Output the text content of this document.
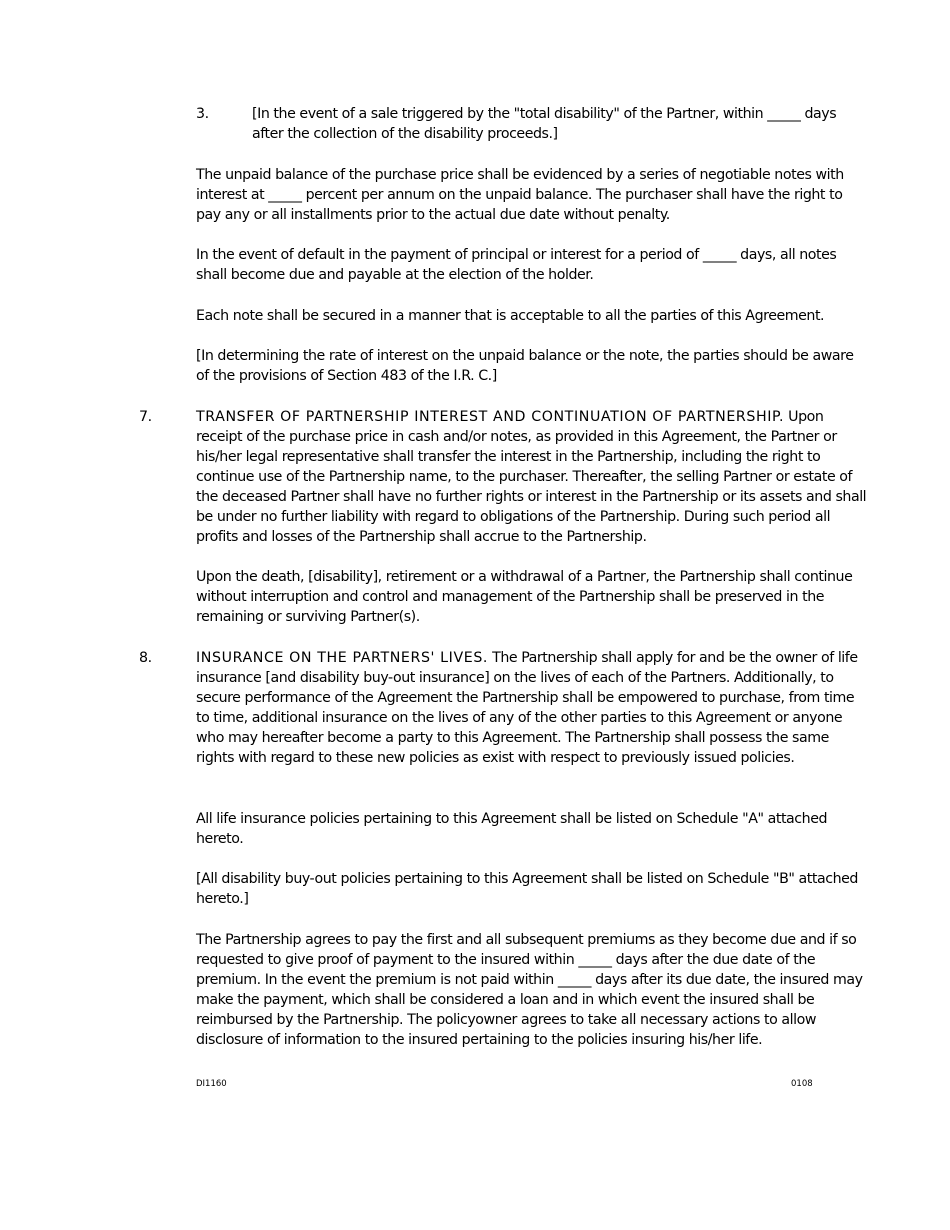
3.	[In the event of a sale triggered by the "total disability" of the Partner, within _____ days after the collection of the disability proceeds.]

The unpaid balance of the purchase price shall be evidenced by a series of negotiable notes with interest at _____ percent per annum on the unpaid balance. The purchaser shall have the right to pay any or all installments prior to the actual due date without penalty.

In the event of default in the payment of principal or interest for a period of _____ days, all notes shall become due and payable at the election of the holder.

Each note shall be secured in a manner that is acceptable to all the parties of this Agreement.

[In determining the rate of interest on the unpaid balance or the note, the parties should be aware of the provisions of Section 483 of the I.R. C.]

7.	TRANSFER OF PARTNERSHIP INTEREST AND CONTINUATION OF PARTNERSHIP. Upon receipt of the purchase price in cash and/or notes, as provided in this Agreement, the Partner or his/her legal representative shall transfer the interest in the Partnership, including the right to continue use of the Partnership name, to the purchaser. Thereafter, the selling Partner or estate of the deceased Partner shall have no further rights or interest in the Partnership or its assets and shall be under no further liability with regard to obligations of the Partnership. During such period all profits and losses of the Partnership shall accrue to the Partnership.

Upon the death, [disability], retirement or a withdrawal of a Partner, the Partnership shall continue without interruption and control and management of the Partnership shall be preserved in the remaining or surviving Partner(s).

8.	INSURANCE ON THE PARTNERS' LIVES. The Partnership shall apply for and be the owner of life insurance [and disability buy-out insurance] on the lives of each of the Partners. Additionally, to secure performance of the Agreement the Partnership shall be empowered to purchase, from time to time, additional insurance on the lives of any of the other parties to this Agreement or anyone who may hereafter become a party to this Agreement. The Partnership shall possess the same rights with regard to these new policies as exist with respect to previously issued policies.

All life insurance policies pertaining to this Agreement shall be listed on Schedule "A" attached hereto.

[All disability buy-out policies pertaining to this Agreement shall be listed on Schedule "B" attached hereto.]

The Partnership agrees to pay the first and all subsequent premiums as they become due and if so requested to give proof of payment to the insured within _____ days after the due date of the premium. In the event the premium is not paid within _____ days after its due date, the insured may make the payment, which shall be considered a loan and in which event the insured shall be reimbursed by the Partnership. The policyowner agrees to take all necessary actions to allow disclosure of information to the insured pertaining to the policies insuring his/her life.

DI1160	0108
